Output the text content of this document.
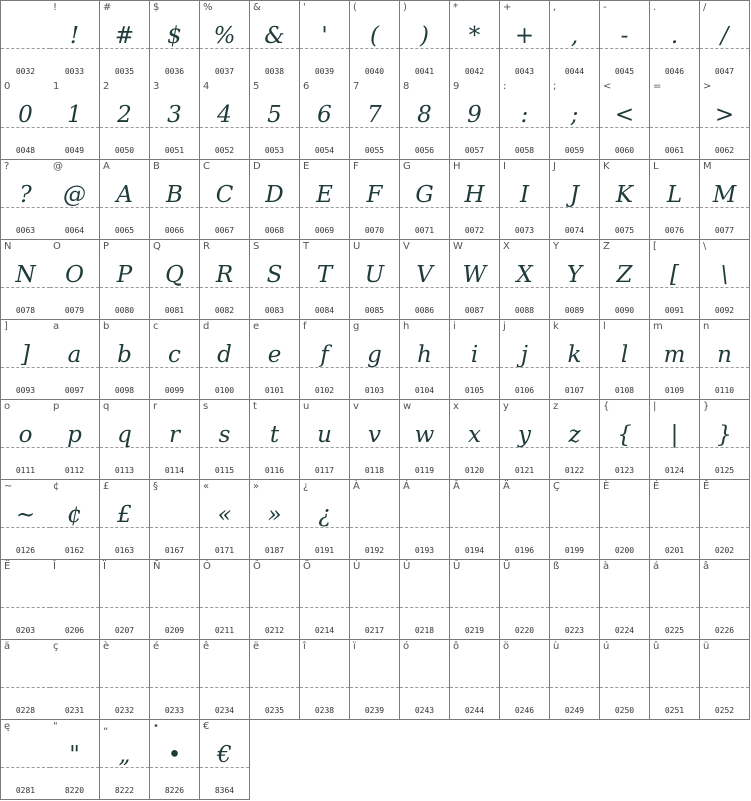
0032
!
!
0033
#
#
0035
$
$
0036
%
%
0037
&
&
0038
'
'
0039
(
(
0040
)
)
0041
*
*
0042
+
+
0043
,
,
0044
-
-
0045
.
.
0046
/
/
0047
0
0
0048
1
1
0049
2
2
0050
3
3
0051
4
4
0052
5
5
0053
6
6
0054
7
7
0055
8
8
0056
9
9
0057
:
:
0058
;
;
0059
<
<
0060
=
0061
>
>
0062
?
?
0063
@
@
0064
A
A
0065
B
B
0066
C
C
0067
D
D
0068
E
E
0069
F
F
0070
G
G
0071
H
H
0072
I
I
0073
J
J
0074
K
K
0075
L
L
0076
M
M
0077
N
N
0078
O
O
0079
P
P
0080
Q
Q
0081
R
R
0082
S
S
0083
T
T
0084
U
U
0085
V
V
0086
W
W
0087
X
X
0088
Y
Y
0089
Z
Z
0090
[
[
0091
\
\
0092
]
]
0093
a
a
0097
b
b
0098
c
c
0099
d
d
0100
e
e
0101
f
f
0102
g
g
0103
h
h
0104
i
i
0105
j
j
0106
k
k
0107
l
l
0108
m
m
0109
n
n
0110
o
o
0111
p
p
0112
q
q
0113
r
r
0114
s
s
0115
t
t
0116
u
u
0117
v
v
0118
w
w
0119
x
x
0120
y
y
0121
z
z
0122
{
{
0123
|
|
0124
}
}
0125
~
~
0126
¢
¢
0162
£
£
0163
§
0167
«
«
0171
»
»
0187
¿
¿
0191
À
0192
Á
0193
Â
0194
Ä
0196
Ç
0199
È
0200
É
0201
Ê
0202
Ë
0203
Î
0206
Ï
0207
Ñ
0209
Ó
0211
Ô
0212
Ö
0214
Ù
0217
Ú
0218
Û
0219
Ü
0220
ß
0223
à
0224
á
0225
â
0226
ä
0228
ç
0231
è
0232
é
0233
ê
0234
ë
0235
î
0238
ï
0239
ó
0243
ô
0244
ö
0246
ù
0249
ú
0250
û
0251
ü
0252
ę
0281
"
"
8220
„
„
8222
•
•
8226
€
€
8364
